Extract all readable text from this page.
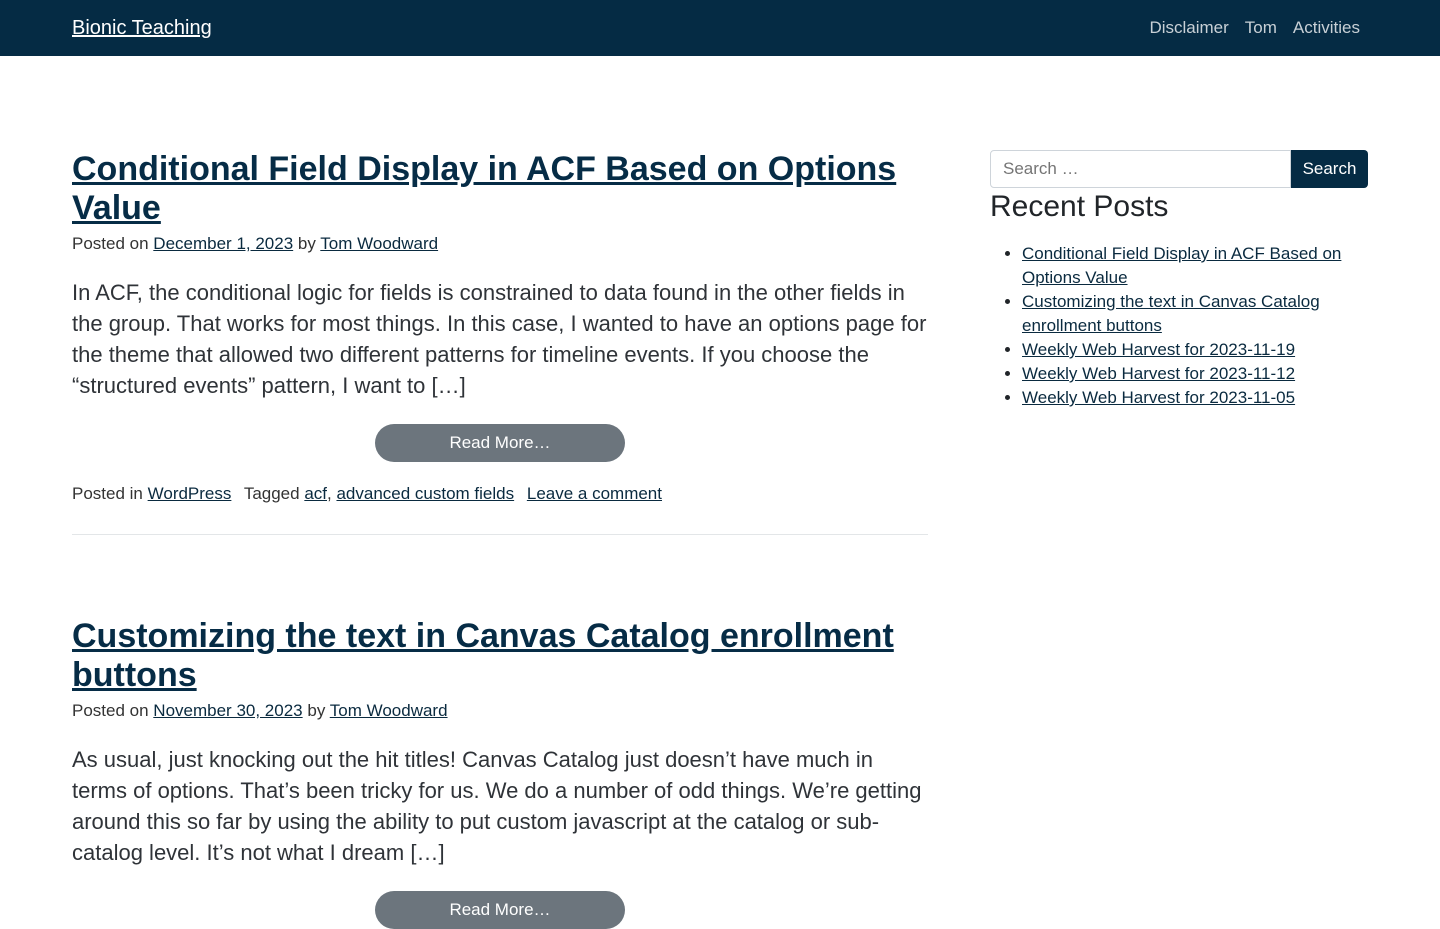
Bionic Teaching	Disclaimer Tom Activities
Conditional Field Display in ACF Based on Options Value
Posted on December 1, 2023 by Tom Woodward

In ACF, the conditional logic for fields is constrained to data found in the other fields in the group. That works for most things. In this case, I wanted to have an options page for the theme that allowed two different patterns for timeline events. If you choose the “structured events” pattern, I want to […]

Read More…
Posted in WordPress Tagged acf, advanced custom fields Leave a comment
Customizing the text in Canvas Catalog enrollment buttons
Posted on November 30, 2023 by Tom Woodward

As usual, just knocking out the hit titles! Canvas Catalog just doesn’t have much in terms of options. That’s been tricky for us. We do a number of odd things. We’re getting around this so far by using the ability to put custom javascript at the catalog or sub-catalog level. It’s not what I dream […]

Read More…
Search …
Search
Recent Posts
• Conditional Field Display in ACF Based on Options Value
• Customizing the text in Canvas Catalog enrollment buttons
• Weekly Web Harvest for 2023-11-19
• Weekly Web Harvest for 2023-11-12
• Weekly Web Harvest for 2023-11-05
